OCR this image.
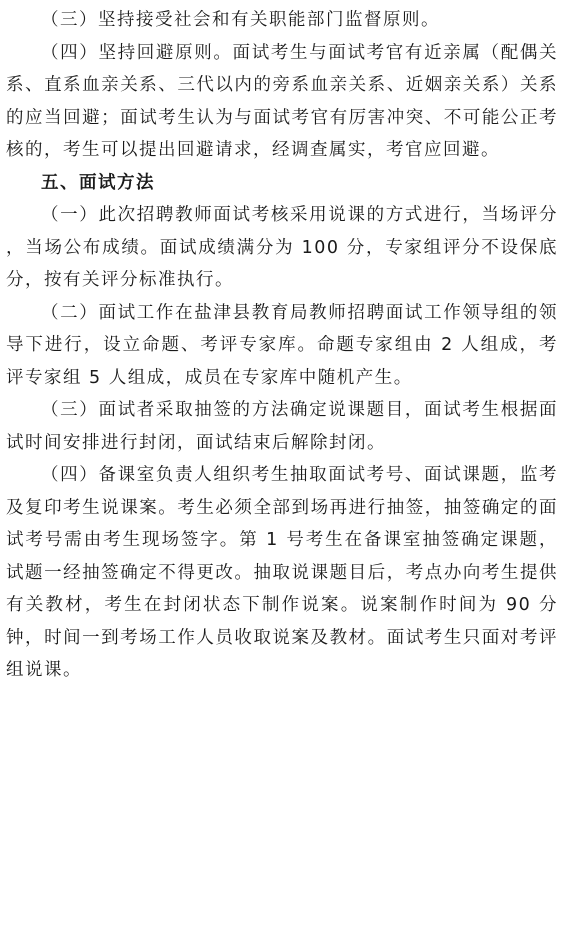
（三）坚持接受社会和有关职能部门监督原则。

（四）坚持回避原则。面试考生与面试考官有近亲属（配偶关系、直系血亲关系、三代以内的旁系血亲关系、近姻亲关系）关系的应当回避；面试考生认为与面试考官有厉害冲突、不可能公正考核的，考生可以提出回避请求，经调查属实，考官应回避。

五、面试方法

（一）此次招聘教师面试考核采用说课的方式进行，当场评分，当场公布成绩。面试成绩满分为 100 分，专家组评分不设保底分，按有关评分标准执行。

（二）面试工作在盐津县教育局教师招聘面试工作领导组的领导下进行，设立命题、考评专家库。命题专家组由 2 人组成，考评专家组 5 人组成，成员在专家库中随机产生。

（三）面试者采取抽签的方法确定说课题目，面试考生根据面试时间安排进行封闭，面试结束后解除封闭。

（四）备课室负责人组织考生抽取面试考号、面试课题，监考及复印考生说课案。考生必须全部到场再进行抽签，抽签确定的面试考号需由考生现场签字。第 1 号考生在备课室抽签确定课题，试题一经抽签确定不得更改。抽取说课题目后，考点办向考生提供有关教材，考生在封闭状态下制作说案。说案制作时间为 90 分钟，时间一到考场工作人员收取说案及教材。面试考生只面对考评组说课。
